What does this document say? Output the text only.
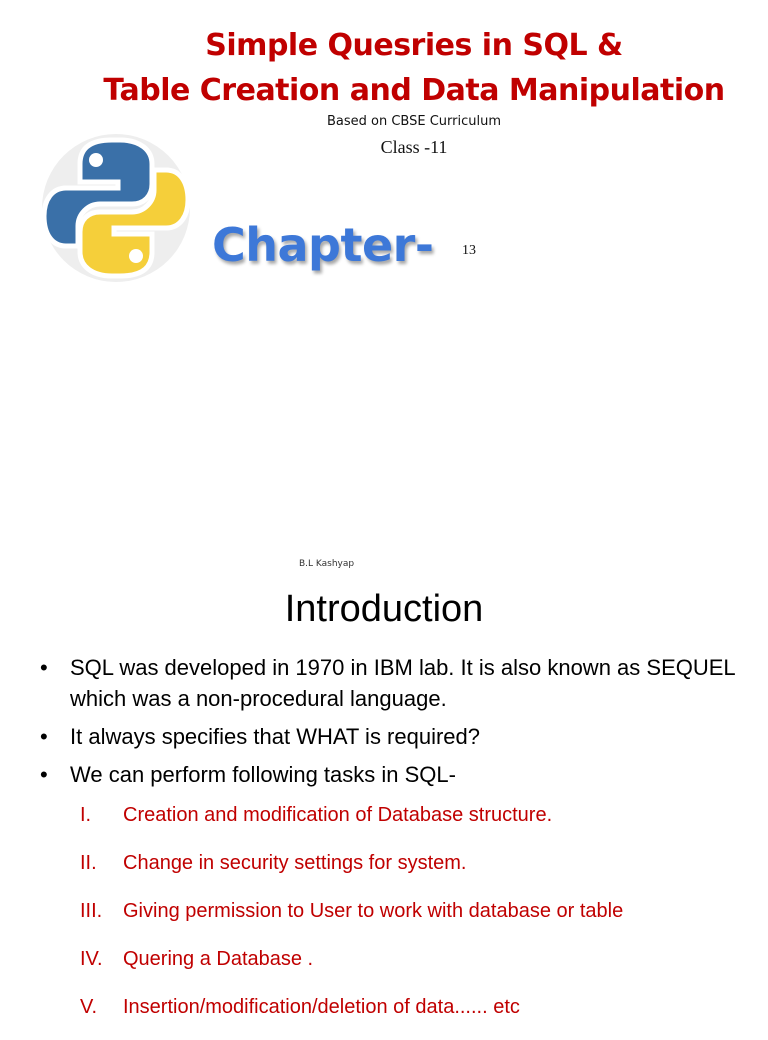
Simple Quesries in SQL &
Table Creation and Data Manipulation
Based on CBSE Curriculum
Class -11
Chapter- 13
B.L Kashyap
Introduction
• SQL was developed in 1970 in IBM lab. It is also known as SEQUEL which was a non-procedural language.
• It always specifies that WHAT is required?
• We can perform following tasks in SQL-
I. Creation and modification of Database structure.
II. Change in security settings for system.
III. Giving permission to User to work with database or table
IV. Quering a Database .
V. Insertion/modification/deletion of data...... etc
